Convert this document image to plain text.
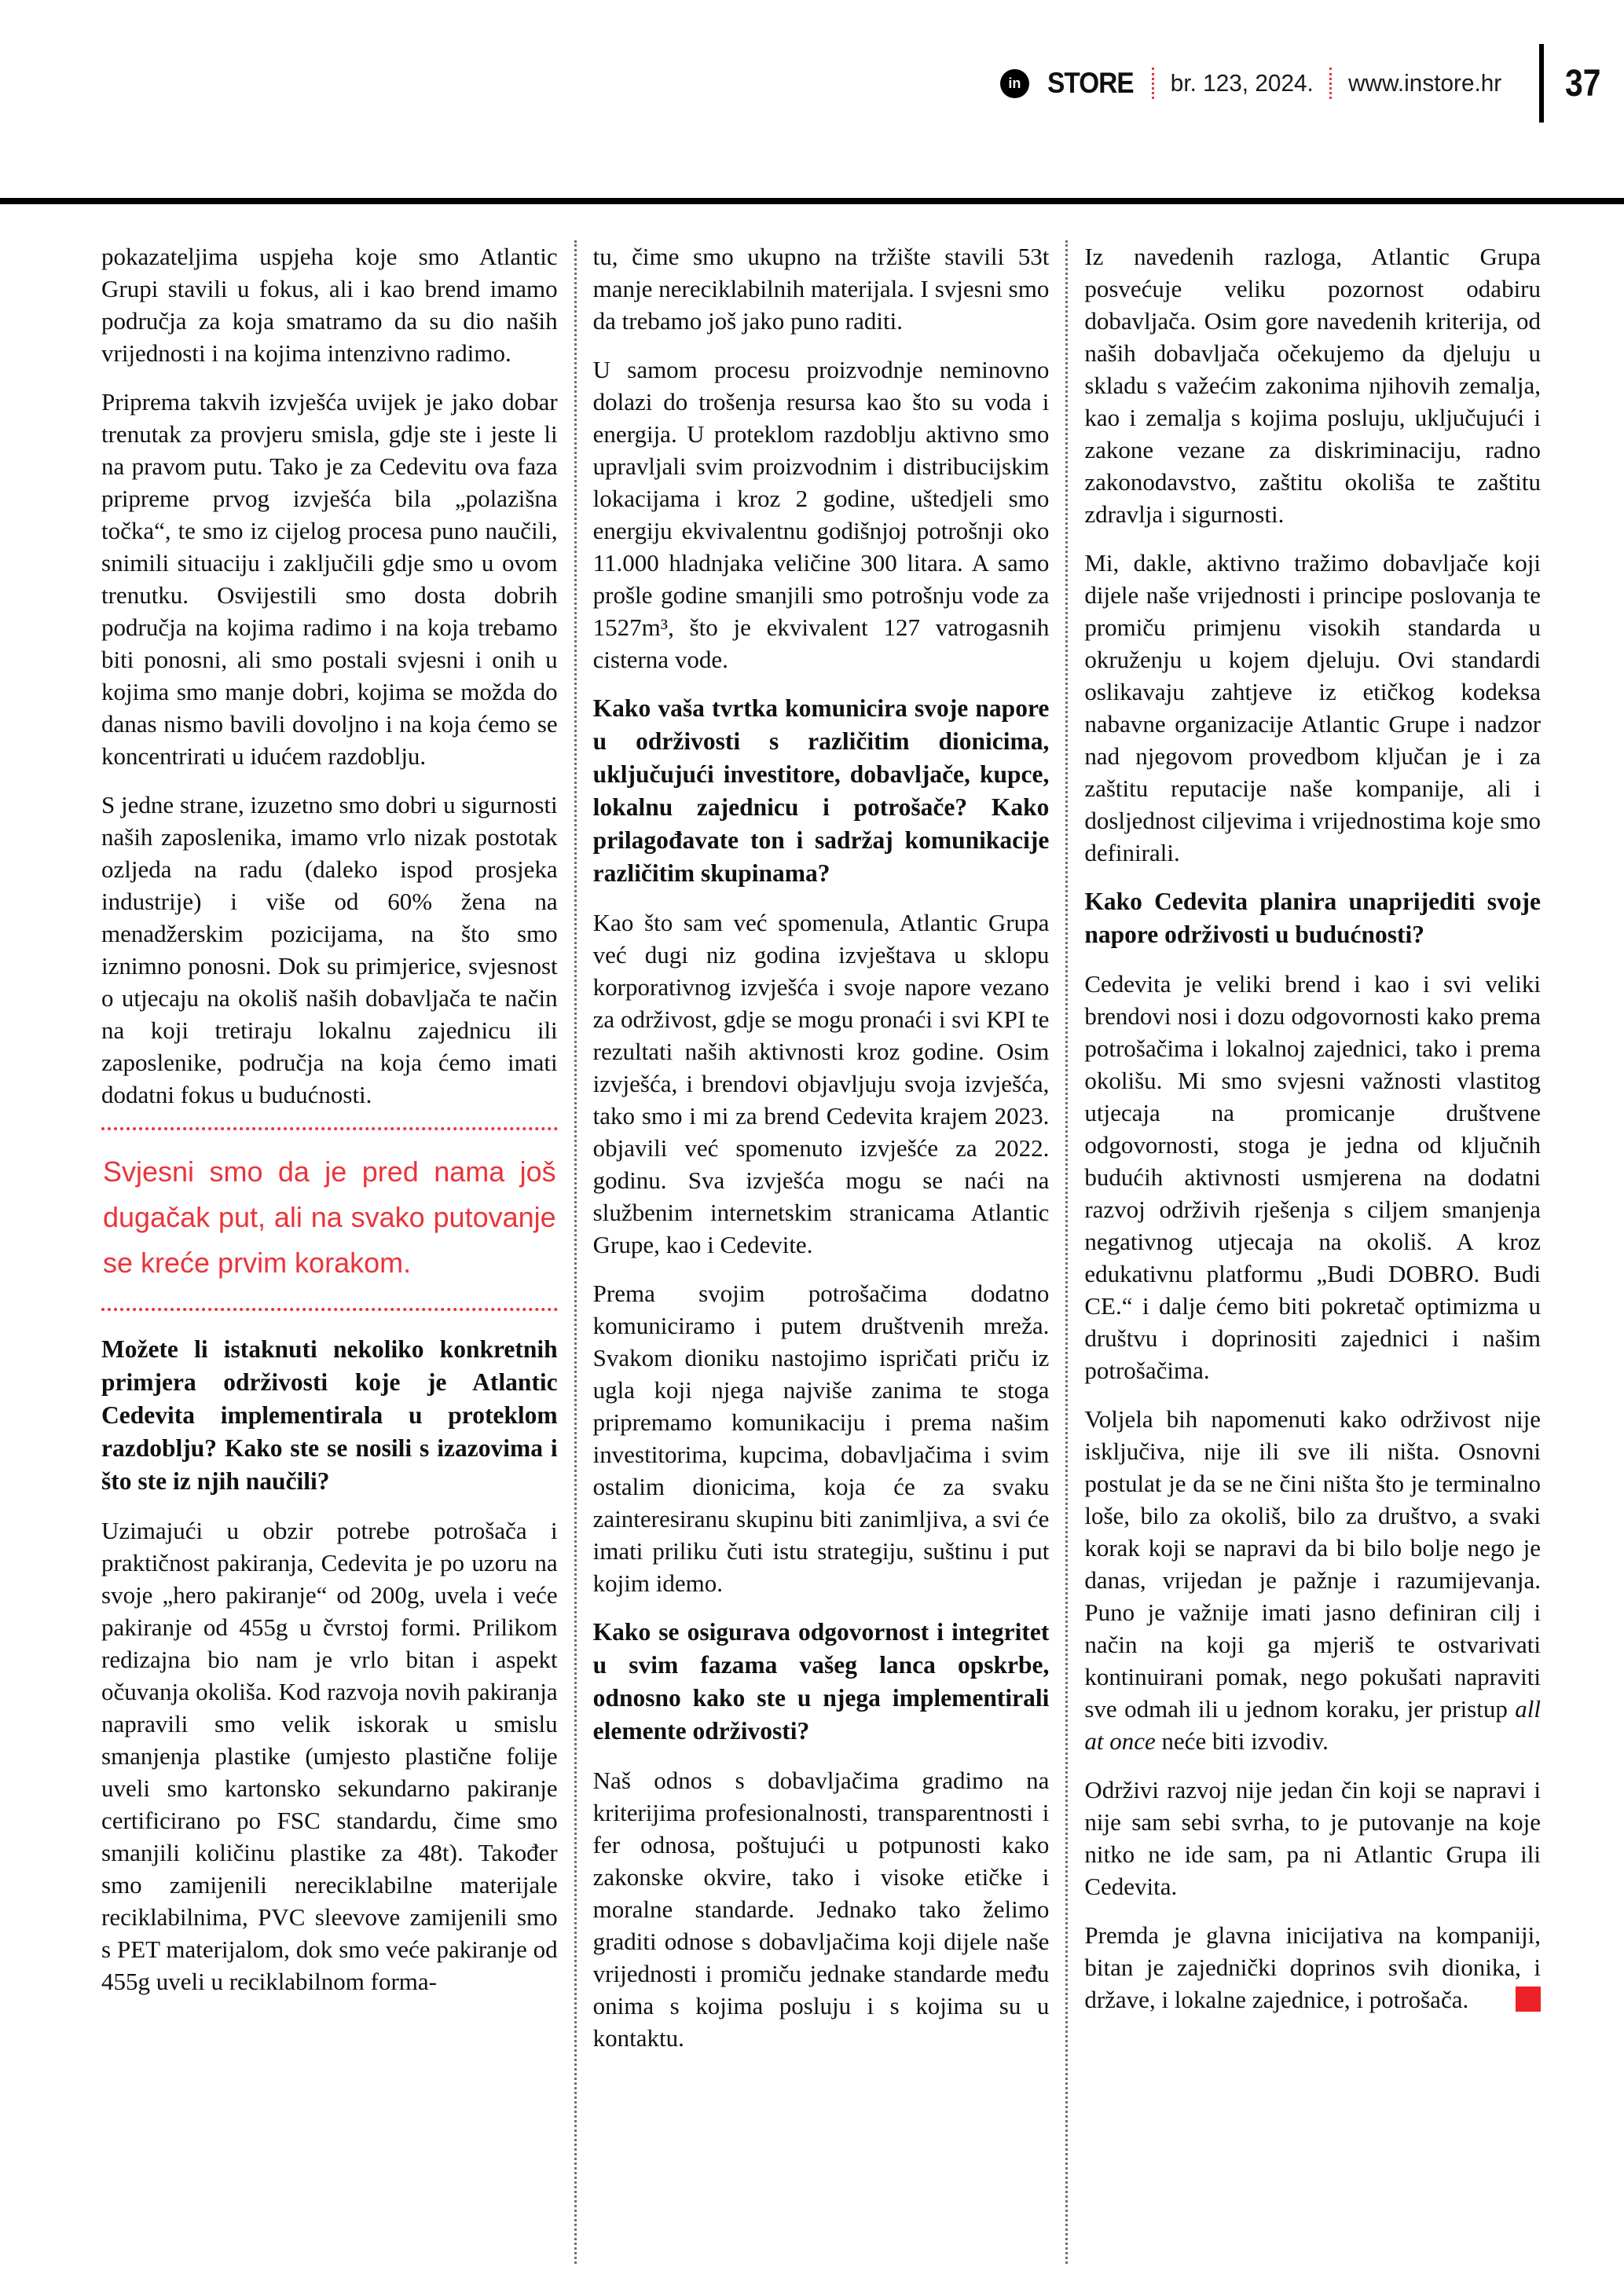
in STORE br. 123, 2024. www.instore.hr 37

pokazateljima uspjeha koje smo Atlantic Grupi stavili u fokus, ali i kao brend imamo područja za koja smatramo da su dio naših vrijednosti i na kojima intenzivno radimo.

Priprema takvih izvješća uvijek je jako dobar trenutak za provjeru smisla, gdje ste i jeste li na pravom putu. Tako je za Cedevitu ova faza pripreme prvog izvješća bila „polazišna točka“, te smo iz cijelog procesa puno naučili, snimili situaciju i zaključili gdje smo u ovom trenutku. Osvijestili smo dosta dobrih područja na kojima radimo i na koja trebamo biti ponosni, ali smo postali svjesni i onih u kojima smo manje dobri, kojima se možda do danas nismo bavili dovoljno i na koja ćemo se koncentrirati u idućem razdoblju.

S jedne strane, izuzetno smo dobri u sigurnosti naših zaposlenika, imamo vrlo nizak postotak ozljeda na radu (daleko ispod prosjeka industrije) i više od 60% žena na menadžerskim pozicijama, na što smo iznimno ponosni. Dok su primjerice, svjesnost o utjecaju na okoliš naših dobavljača te način na koji tretiraju lokalnu zajednicu ili zaposlenike, područja na koja ćemo imati dodatni fokus u budućnosti.

Svjesni smo da je pred nama još dugačak put, ali na svako putovanje se kreće prvim korakom.

Možete li istaknuti nekoliko konkretnih primjera održivosti koje je Atlantic Cedevita implementirala u proteklom razdoblju? Kako ste se nosili s izazovima i što ste iz njih naučili?

Uzimajući u obzir potrebe potrošača i praktičnost pakiranja, Cedevita je po uzoru na svoje „hero pakiranje“ od 200g, uvela i veće pakiranje od 455g u čvrstoj formi. Prilikom redizajna bio nam je vrlo bitan i aspekt očuvanja okoliša. Kod razvoja novih pakiranja napravili smo velik iskorak u smislu smanjenja plastike (umjesto plastične folije uveli smo kartonsko sekundarno pakiranje certificirano po FSC standardu, čime smo smanjili količinu plastike za 48t). Također smo zamijenili nereciklabilne materijale reciklabilnima, PVC sleevove zamijenili smo s PET materijalom, dok smo veće pakiranje od 455g uveli u reciklabilnom forma-

tu, čime smo ukupno na tržište stavili 53t manje nereciklabilnih materijala. I svjesni smo da trebamo još jako puno raditi.

U samom procesu proizvodnje neminovno dolazi do trošenja resursa kao što su voda i energija. U proteklom razdoblju aktivno smo upravljali svim proizvodnim i distribucijskim lokacijama i kroz 2 godine, uštedjeli smo energiju ekvivalentnu godišnjoj potrošnji oko 11.000 hladnjaka veličine 300 litara. A samo prošle godine smanjili smo potrošnju vode za 1527m³, što je ekvivalent 127 vatrogasnih cisterna vode.

Kako vaša tvrtka komunicira svoje napore u održivosti s različitim dionicima, uključujući investitore, dobavljače, kupce, lokalnu zajednicu i potrošače? Kako prilagođavate ton i sadržaj komunikacije različitim skupinama?

Kao što sam već spomenula, Atlantic Grupa već dugi niz godina izvještava u sklopu korporativnog izvješća i svoje napore vezano za održivost, gdje se mogu pronaći i svi KPI te rezultati naših aktivnosti kroz godine. Osim izvješća, i brendovi objavljuju svoja izvješća, tako smo i mi za brend Cedevita krajem 2023. objavili već spomenuto izvješće za 2022. godinu. Sva izvješća mogu se naći na službenim internetskim stranicama Atlantic Grupe, kao i Cedevite.

Prema svojim potrošačima dodatno komuniciramo i putem društvenih mreža. Svakom dioniku nastojimo ispričati priču iz ugla koji njega najviše zanima te stoga pripremamo komunikaciju i prema našim investitorima, kupcima, dobavljačima i svim ostalim dionicima, koja će za svaku zainteresiranu skupinu biti zanimljiva, a svi će imati priliku čuti istu strategiju, suštinu i put kojim idemo.

Kako se osigurava odgovornost i integritet u svim fazama vašeg lanca opskrbe, odnosno kako ste u njega implementirali elemente održivosti?

Naš odnos s dobavljačima gradimo na kriterijima profesionalnosti, transparentnosti i fer odnosa, poštujući u potpunosti kako zakonske okvire, tako i visoke etičke i moralne standarde. Jednako tako želimo graditi odnose s dobavljačima koji dijele naše vrijednosti i promiču jednake standarde među onima s kojima posluju i s kojima su u kontaktu.

Iz navedenih razloga, Atlantic Grupa posvećuje veliku pozornost odabiru dobavljača. Osim gore navedenih kriterija, od naših dobavljača očekujemo da djeluju u skladu s važećim zakonima njihovih zemalja, kao i zemalja s kojima posluju, uključujući i zakone vezane za diskriminaciju, radno zakonodavstvo, zaštitu okoliša te zaštitu zdravlja i sigurnosti.

Mi, dakle, aktivno tražimo dobavljače koji dijele naše vrijednosti i principe poslovanja te promiču primjenu visokih standarda u okruženju u kojem djeluju. Ovi standardi oslikavaju zahtjeve iz etičkog kodeksa nabavne organizacije Atlantic Grupe i nadzor nad njegovom provedbom ključan je i za zaštitu reputacije naše kompanije, ali i dosljednost ciljevima i vrijednostima koje smo definirali.

Kako Cedevita planira unaprijediti svoje napore održivosti u budućnosti?

Cedevita je veliki brend i kao i svi veliki brendovi nosi i dozu odgovornosti kako prema potrošačima i lokalnoj zajednici, tako i prema okolišu. Mi smo svjesni važnosti vlastitog utjecaja na promicanje društvene odgovornosti, stoga je jedna od ključnih budućih aktivnosti usmjerena na dodatni razvoj održivih rješenja s ciljem smanjenja negativnog utjecaja na okoliš. A kroz edukativnu platformu „Budi DOBRO. Budi CE.“ i dalje ćemo biti pokretač optimizma u društvu i doprinositi zajednici i našim potrošačima.

Voljela bih napomenuti kako održivost nije isključiva, nije ili sve ili ništa. Osnovni postulat je da se ne čini ništa što je terminalno loše, bilo za okoliš, bilo za društvo, a svaki korak koji se napravi da bi bilo bolje nego je danas, vrijedan je pažnje i razumijevanja. Puno je važnije imati jasno definiran cilj i način na koji ga mjeriš te ostvarivati kontinuirani pomak, nego pokušati napraviti sve odmah ili u jednom koraku, jer pristup all at once neće biti izvodiv.

Održivi razvoj nije jedan čin koji se napravi i nije sam sebi svrha, to je putovanje na koje nitko ne ide sam, pa ni Atlantic Grupa ili Cedevita.

Premda je glavna inicijativa na kompaniji, bitan je zajednički doprinos svih dionika, i države, i lokalne zajednice, i potrošača.
